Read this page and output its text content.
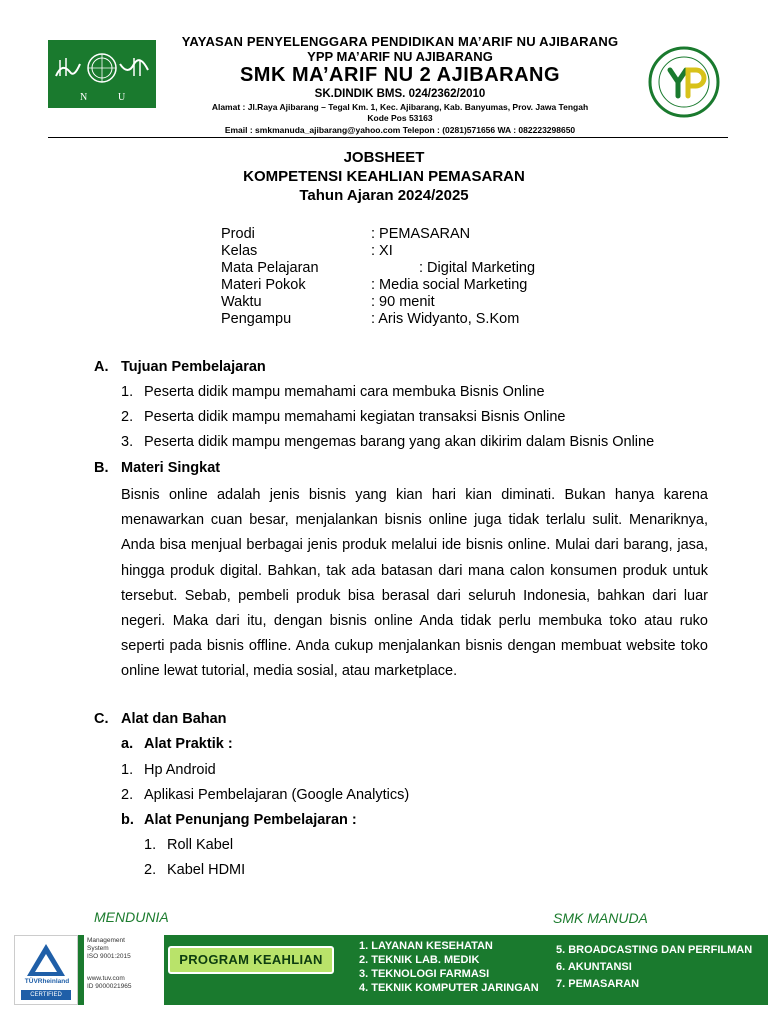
N	U
YAYASAN PENYELENGGARA PENDIDIKAN MA’ARIF NU AJIBARANG
YPP MA’ARIF NU AJIBARANG
SMK MA’ARIF NU 2 AJIBARANG
SK.DINDIK BMS. 024/2362/2010
Alamat : Jl.Raya Ajibarang – Tegal Km. 1, Kec. Ajibarang, Kab. Banyumas, Prov. Jawa Tengah
Kode Pos 53163
Email : smkmanuda_ajibarang@yahoo.com Telepon : (0281)571656 WA : 082223298650
JOBSHEET
KOMPETENSI KEAHLIAN PEMASARAN
Tahun Ajaran 2024/2025
Prodi	: PEMASARAN
Kelas	: XI
Mata Pelajaran	: Digital Marketing
Materi Pokok	: Media social Marketing
Waktu	: 90 menit
Pengampu	: Aris Widyanto, S.Kom
A. Tujuan Pembelajaran
1. Peserta didik mampu memahami cara membuka Bisnis Online
2. Peserta didik mampu memahami kegiatan transaksi Bisnis Online
3. Peserta didik mampu mengemas barang yang akan dikirim dalam Bisnis Online
B. Materi Singkat
Bisnis online adalah jenis bisnis yang kian hari kian diminati. Bukan hanya karena menawarkan cuan besar, menjalankan bisnis online juga tidak terlalu sulit. Menariknya, Anda bisa menjual berbagai jenis produk melalui ide bisnis online. Mulai dari barang, jasa, hingga produk digital. Bahkan, tak ada batasan dari mana calon konsumen produk untuk tersebut. Sebab, pembeli produk bisa berasal dari seluruh Indonesia, bahkan dari luar negeri. Maka dari itu, dengan bisnis online Anda tidak perlu membuka toko atau ruko seperti pada bisnis offline. Anda cukup menjalankan bisnis dengan membuat website toko online lewat tutorial, media sosial, atau marketplace.
C. Alat dan Bahan
a. Alat Praktik :
1. Hp Android
2. Aplikasi Pembelajaran (Google Analytics)
b. Alat Penunjang Pembelajaran :
1. Roll Kabel
2. Kabel HDMI
SMK MANUDA
TÜVRheinland
CERTIFIED
Management
System
ISO 9001:2015
www.tuv.com
ID 9000021965
MENDUNIA
PROGRAM KEAHLIAN
1. LAYANAN KESEHATAN
2. TEKNIK LAB. MEDIK
3. TEKNOLOGI FARMASI
4. TEKNIK KOMPUTER JARINGAN
5. BROADCASTING DAN PERFILMAN
6. AKUNTANSI
7. PEMASARAN
